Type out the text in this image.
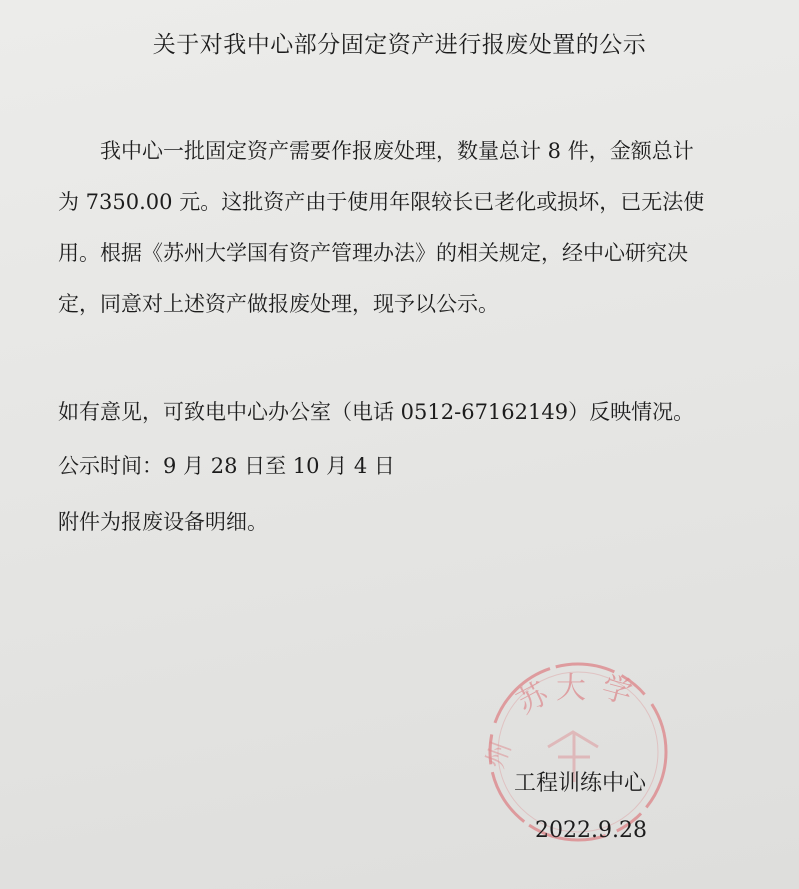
关于对我中心部分固定资产进行报废处置的公示
　　我中心一批固定资产需要作报废处理，数量总计 8 件，金额总计
为 7350.00 元。这批资产由于使用年限较长已老化或损坏，已无法使
用。根据《苏州大学国有资产管理办法》的相关规定，经中心研究决
定，同意对上述资产做报废处理，现予以公示。
如有意见，可致电中心办公室（电话 0512-67162149）反映情况。
公示时间：9 月 28 日至 10 月 4 日
附件为报废设备明细。
苏 大 学
州
工程训练中心
2022.9.28
